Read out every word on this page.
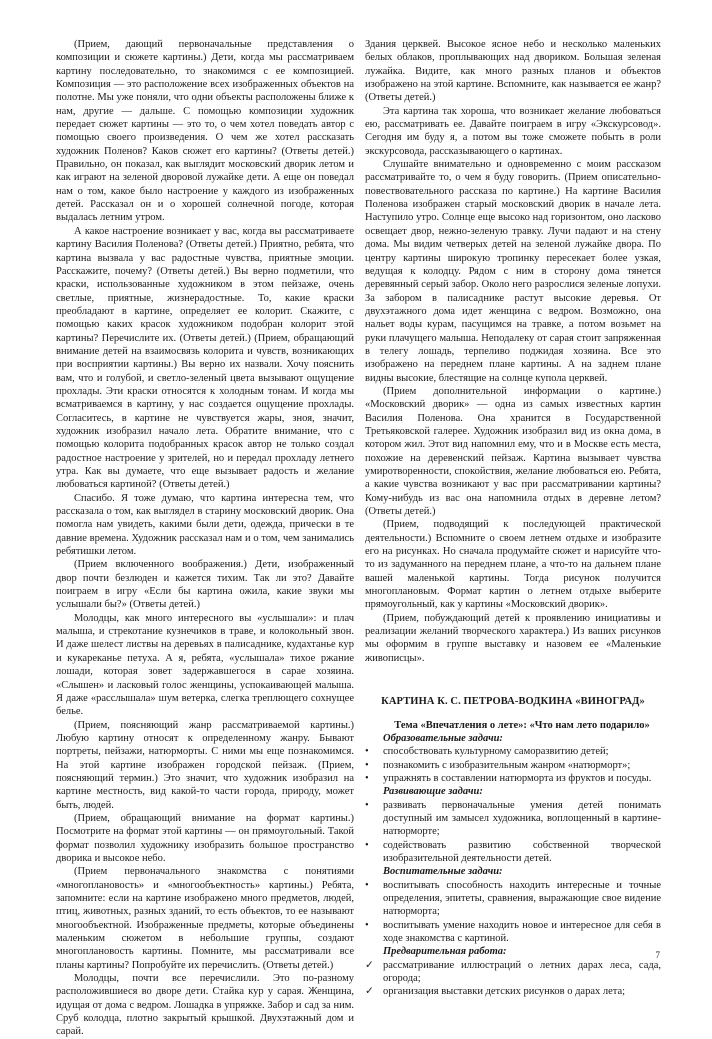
(Прием, дающий первоначальные представления о композиции и сюжете картины.) Дети, когда мы рассматриваем картину последовательно, то знакомимся с ее композицией. Композиция — это расположение всех изображенных объектов на полотне. Мы уже поняли, что одни объекты расположены ближе к нам, другие — дальше. С помощью композиции художник передает сюжет картины — это то, о чем хотел поведать автор с помощью своего произведения. О чем же хотел рассказать художник Поленов? Каков сюжет его картины? (Ответы детей.) Правильно, он показал, как выглядит московский дворик летом и как играют на зеленой дворовой лужайке дети. А еще он поведал нам о том, какое было настроение у каждого из изображенных детей. Рассказал он и о хорошей солнечной погоде, которая выдалась летним утром.

А какое настроение возникает у вас, когда вы рассматриваете картину Василия Поленова? (Ответы детей.) Приятно, ребята, что картина вызвала у вас радостные чувства, приятные эмоции. Расскажите, почему? (Ответы детей.) Вы верно подметили, что краски, использованные художником в этом пейзаже, очень светлые, приятные, жизнерадостные. То, какие краски преобладают в картине, определяет ее колорит. Скажите, с помощью каких красок художником подобран колорит этой картины? Перечислите их. (Ответы детей.) (Прием, обращающий внимание детей на взаимосвязь колорита и чувств, возникающих при восприятии картины.) Вы верно их назвали. Хочу пояснить вам, что и голубой, и светло-зеленый цвета вызывают ощущение прохлады. Эти краски относятся к холодным тонам. И когда мы всматриваемся в картину, у нас создается ощущение прохлады. Согласитесь, в картине не чувствуется жары, зноя, значит, художник изобразил начало лета. Обратите внимание, что с помощью колорита подобранных красок автор не только создал радостное настроение у зрителей, но и передал прохладу летнего утра. Как вы думаете, что еще вызывает радость и желание любоваться картиной? (Ответы детей.)

Спасибо. Я тоже думаю, что картина интересна тем, что рассказала о том, как выглядел в старину московский дворик. Она помогла нам увидеть, какими были дети, одежда, прически в те давние времена. Художник рассказал нам и о том, чем занимались ребятишки летом.

(Прием включенного воображения.) Дети, изображенный двор почти безлюден и кажется тихим. Так ли это? Давайте поиграем в игру «Если бы картина ожила, какие звуки мы услышали бы?» (Ответы детей.)

Молодцы, как много интересного вы «услышали»: и плач малыша, и стрекотание кузнечиков в траве, и колокольный звон. И даже шелест листвы на деревьях в палисаднике, кудахтанье кур и кукареканье петуха. А я, ребята, «услышала» тихое ржание лошади, которая зовет задержавшегося в сарае хозяина. «Слышен» и ласковый голос женщины, успокаивающей малыша. Я даже «расслышала» шум ветерка, слегка треплющего сохнущее белье.

(Прием, поясняющий жанр рассматриваемой картины.) Любую картину относят к определенному жанру. Бывают портреты, пейзажи, натюрморты. С ними мы еще познакомимся. На этой картине изображен городской пейзаж. (Прием, поясняющий термин.) Это значит, что художник изобразил на картине местность, вид какой-то части города, природу, может быть, людей.

(Прием, обращающий внимание на формат картины.) Посмотрите на формат этой картины — он прямоугольный. Такой формат позволил художнику изобразить большое пространство дворика и высокое небо.

(Прием первоначального знакомства с понятиями «многоплановость» и «многообъектность» картины.) Ребята, запомните: если на картине изображено много предметов, людей, птиц, животных, разных зданий, то есть объектов, то ее называют многообъектной. Изображенные предметы, которые объединены маленьким сюжетом в небольшие группы, создают многоплановость картины. Помните, мы рассматривали все планы картины? Попробуйте их перечислить. (Ответы детей.)

Молодцы, почти все перечислили. Это по-разному расположившиеся во дворе дети. Стайка кур у сарая. Женщина, идущая от дома с ведром. Лошадка в упряжке. Забор и сад за ним. Сруб колодца, плотно закрытый крышкой. Двухэтажный дом и сарай.

Здания церквей. Высокое ясное небо и несколько маленьких белых облаков, проплывающих над двориком. Большая зеленая лужайка. Видите, как много разных планов и объектов изображено на этой картине. Вспомните, как называется ее жанр? (Ответы детей.)

Эта картина так хороша, что возникает желание любоваться ею, рассматривать ее. Давайте поиграем в игру «Экскурсовод». Сегодня им буду я, а потом вы тоже сможете побыть в роли экскурсовода, рассказывающего о картинах.

Слушайте внимательно и одновременно с моим рассказом рассматривайте то, о чем я буду говорить. (Прием описательно-повествовательного рассказа по картине.) На картине Василия Поленова изображен старый московский дворик в начале лета. Наступило утро. Солнце еще высоко над горизонтом, оно ласково освещает двор, нежно-зеленую травку. Лучи падают и на стену дома. Мы видим четверых детей на зеленой лужайке двора. По центру картины широкую тропинку пересекает более узкая, ведущая к колодцу. Рядом с ним в сторону дома тянется деревянный серый забор. Около него разрослиcя зеленые лопухи. За забором в палисаднике растут высокие деревья. От двухэтажного дома идет женщина с ведром. Возможно, она нальет воды курам, пасущимся на травке, а потом возьмет на руки плачущего малыша. Неподалеку от сарая стоит запряженная в телегу лошадь, терпеливо поджидая хозяина. Все это изображено на переднем плане картины. А на заднем плане видны высокие, блестящие на солнце купола церквей.

(Прием дополнительной информации о картине.) «Московский дворик» — одна из самых известных картин Василия Поленова. Она хранится в Государственной Третьяковской галерее. Художник изобразил вид из окна дома, в котором жил. Этот вид напомнил ему, что и в Москве есть места, похожие на деревенский пейзаж. Картина вызывает чувства умиротворенности, спокойствия, желание любоваться ею. Ребята, а какие чувства возникают у вас при рассматривании картины? Кому-нибудь из вас она напомнила отдых в деревне летом? (Ответы детей.)

(Прием, подводящий к последующей практической деятельности.) Вспомните о своем летнем отдыхе и изобразите его на рисунках. Но сначала продумайте сюжет и нарисуйте что-то из задуманного на переднем плане, а что-то на дальнем плане вашей маленькой картины. Тогда рисунок получится многопланoвым. Формат картин о летнем отдыхе выберите прямоугольный, как у картины «Московский дворик».

(Прием, побуждающий детей к проявлению инициативы и реализации желаний творческого характера.) Из ваших рисунков мы оформим в группе выставку и назовем ее «Маленькие живописцы».

КАРТИНА К. С. ПЕТРОВА-ВОДКИНА «ВИНОГРАД»

Тема «Впечатления о лете»: «Что нам лето подарило»

Образовательные задачи:

• способствовать культурному саморазвитию детей;
• познакомить с изобразительным жанром «натюрморт»;
• упражнять в составлении натюрморта из фруктов и посуды.

Развивающие задачи:

• развивать первоначальные умения детей понимать доступный им замысел художника, воплощенный в картине-натюрморте;
• содействовать развитию собственной творческой изобразительной деятельности детей.

Воспитательные задачи:

• воспитывать способность находить интересные и точные определения, эпитеты, сравнения, выражающие свое видение натюрморта;
• воспитывать умение находить новое и интересное для себя в ходе знакомства с картиной.

Предварительная работа:

✓ рассматривание иллюстраций о летних дарах леса, сада, огорода;
✓ организация выставки детских рисунков о дарах лета;
7
